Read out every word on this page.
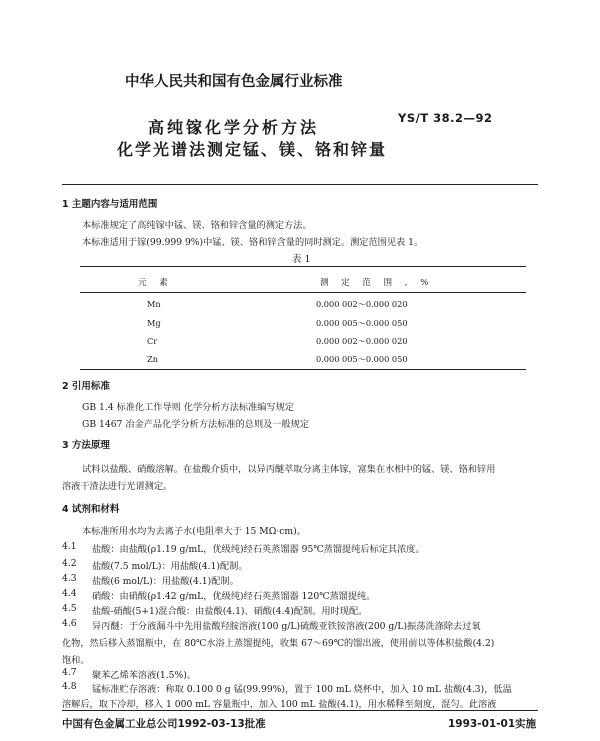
中华人民共和国有色金属行业标准
高纯镓化学分析方法
化学光谱法测定锰、镁、铬和锌量
YS/T 38.2—92
1 主题内容与适用范围
本标准规定了高纯镓中锰、镁、铬和锌含量的测定方法。
本标准适用于镓(99.999 9%)中锰、镁、铬和锌含量的同时测定。测定范围见表 1。
表 1
元 素	测 定 范 围 , %
Mn	0.000 002～0.000 020
Mg	0.000 005～0.000 050
Cr	0.000 002～0.000 020
Zn	0.000 005～0.000 050
2 引用标准
GB 1.4 标准化工作导则 化学分析方法标准编写规定
GB 1467 冶金产品化学分析方法标准的总则及一般规定
3 方法原理
试料以盐酸、硝酸溶解。在盐酸介质中，以异丙醚萃取分离主体镓，富集在水相中的锰、镁、铬和锌用
溶液干渣法进行光谱测定。
4 试剂和材料
本标准所用水均为去离子水(电阻率大于 15 MΩ·cm)。
4.1 盐酸：由盐酸(ρ1.19 g/mL，优级纯)经石英蒸馏器 95℃蒸馏提纯后标定其浓度。
4.2 盐酸(7.5 mol/L)：用盐酸(4.1)配制。
4.3 盐酸(6 mol/L)：用盐酸(4.1)配制。
4.4 硝酸：由硝酸(ρ1.42 g/mL，优级纯)经石英蒸馏器 120℃蒸馏提纯。
4.5 盐酸-硝酸(5+1)混合酸：由盐酸(4.1)、硝酸(4.4)配制。用时现配。
4.6 异丙醚：于分液漏斗中先用盐酸羟胺溶液(100 g/L)硫酸亚铁铵溶液(200 g/L)振荡洗涤除去过氧
化物，然后移入蒸馏瓶中，在 80℃水浴上蒸馏提纯，收集 67～69℃的馏出液，使用前以等体积盐酸(4.2)
饱和。
4.7 聚苯乙烯苯溶液(1.5%)。
4.8 锰标准贮存溶液：称取 0.100 0 g 锰(99.99%)，置于 100 mL 烧杯中，加入 10 mL 盐酸(4.3)，低温
溶解后，取下冷却，移入 1 000 mL 容量瓶中，加入 100 mL 盐酸(4.1)，用水稀释至刻度，混匀。此溶液
中国有色金属工业总公司1992-03-13批准	1993-01-01实施
